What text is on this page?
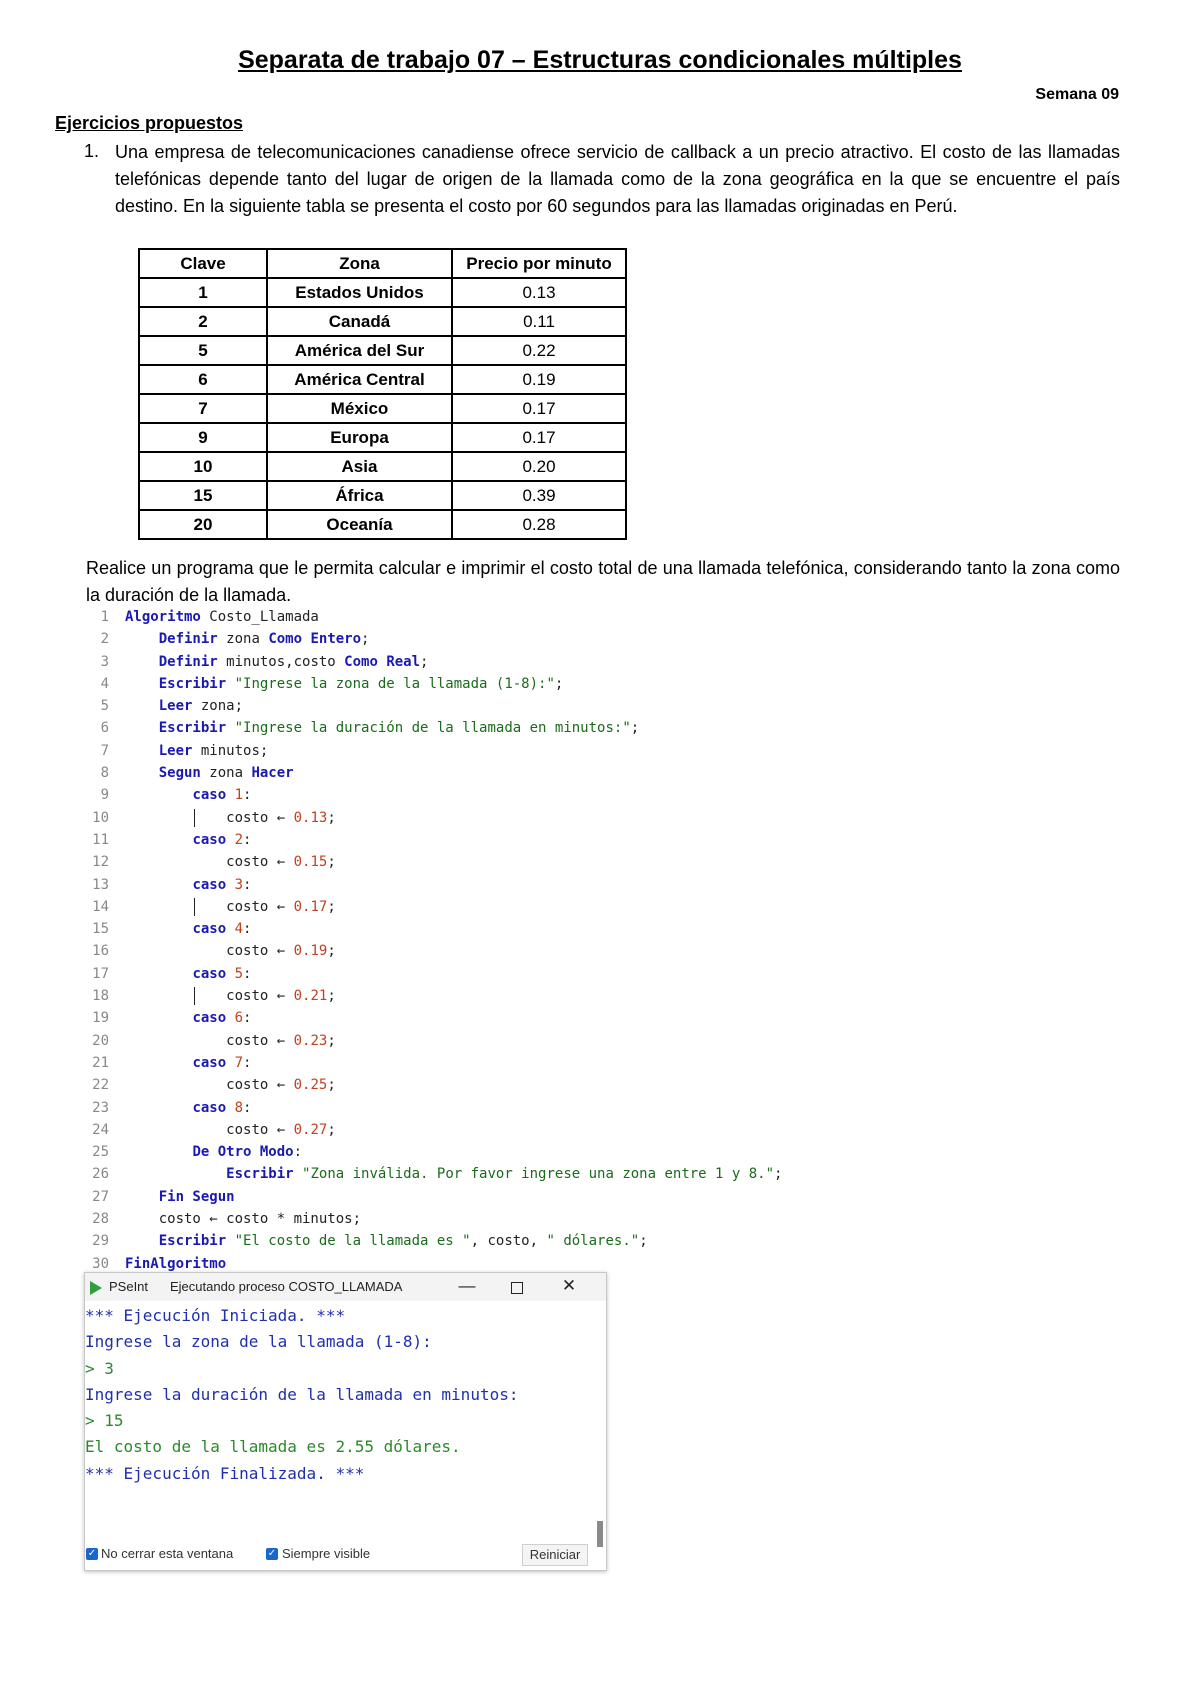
Separata de trabajo 07 – Estructuras condicionales múltiples
Semana 09
Ejercicios propuestos
1. Una empresa de telecomunicaciones canadiense ofrece servicio de callback a un precio atractivo. El costo de las llamadas telefónicas depende tanto del lugar de origen de la llamada como de la zona geográfica en la que se encuentre el país destino. En la siguiente tabla se presenta el costo por 60 segundos para las llamadas originadas en Perú.
Clave	Zona	Precio por minuto
1	Estados Unidos	0.13
2	Canadá	0.11
5	América del Sur	0.22
6	América Central	0.19
7	México	0.17
9	Europa	0.17
10	Asia	0.20
15	África	0.39
20	Oceanía	0.28
Realice un programa que le permita calcular e imprimir el costo total de una llamada telefónica, considerando tanto la zona como la duración de la llamada.
1 Algoritmo Costo_Llamada
2	Definir zona Como Entero;
3	Definir minutos,costo Como Real;
4	Escribir "Ingrese la zona de la llamada (1-8):";
5	Leer zona;
6	Escribir "Ingrese la duración de la llamada en minutos:";
7	Leer minutos;
8	Segun zona Hacer
9	caso 1:
10	costo ← 0.13;
11	caso 2:
12	costo ← 0.15;
13	caso 3:
14	costo ← 0.17;
15	caso 4:
16	costo ← 0.19;
17	caso 5:
18	costo ← 0.21;
19	caso 6:
20	costo ← 0.23;
21	caso 7:
22	costo ← 0.25;
23	caso 8:
24	costo ← 0.27;
25	De Otro Modo:
26	Escribir "Zona inválida. Por favor ingrese una zona entre 1 y 8.";
27	Fin Segun
28	costo ← costo * minutos;
29	Escribir "El costo de la llamada es ", costo, " dólares.";
30 FinAlgoritmo
PSeInt Ejecutando proceso COSTO_LLAMADA	—	✕
*** Ejecución Iniciada. ***
Ingrese la zona de la llamada (1-8):
> 3
Ingrese la duración de la llamada en minutos:
> 15
El costo de la llamada es 2.55 dólares.
*** Ejecución Finalizada. ***
✓ No cerrar esta ventana	✓ Siempre visible	Reiniciar
